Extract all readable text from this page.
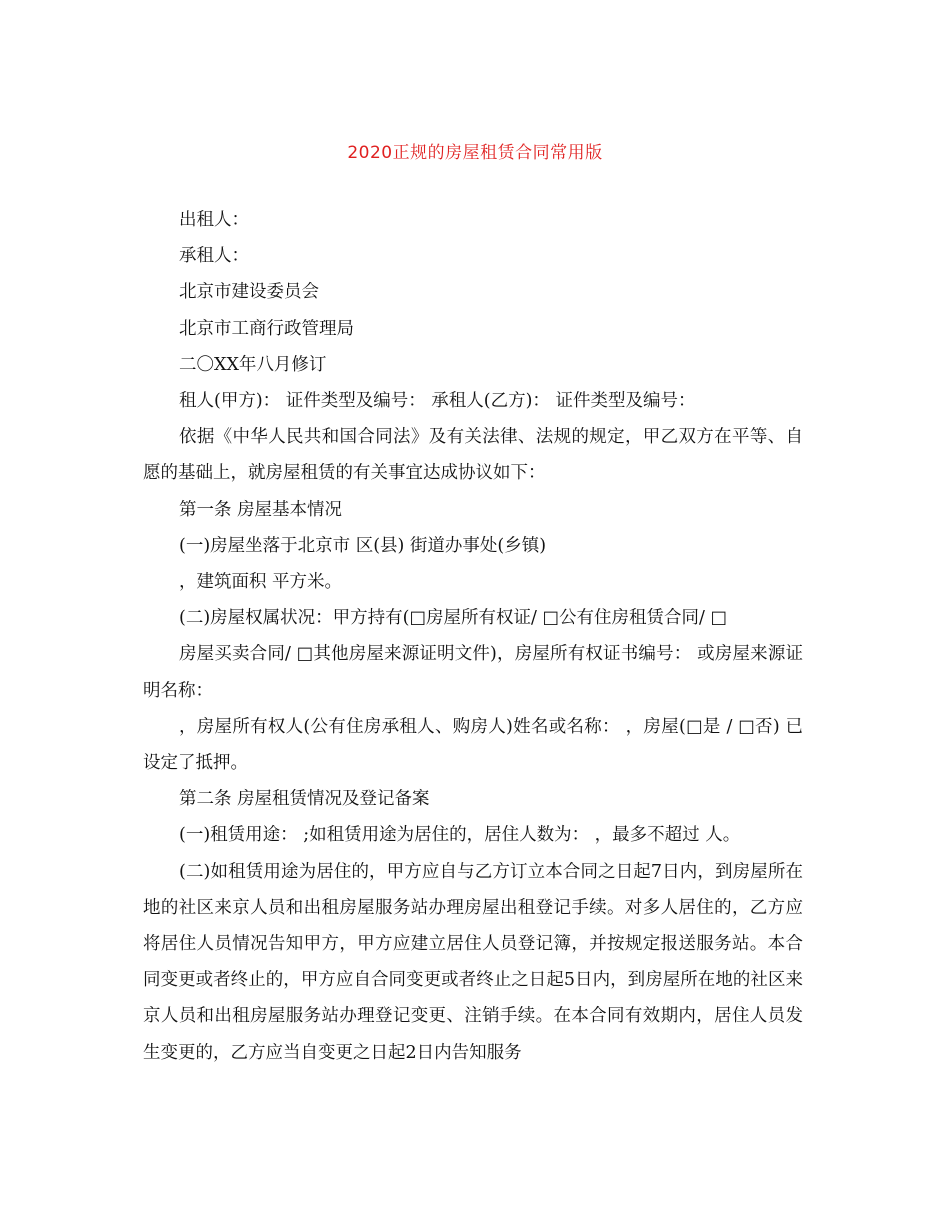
2020正规的房屋租赁合同常用版

出租人：

承租人：

北京市建设委员会

北京市工商行政管理局

二〇XX年八月修订

租人(甲方)： 证件类型及编号： 承租人(乙方)： 证件类型及编号：

依据《中华人民共和国合同法》及有关法律、法规的规定，甲乙双方在平等、自愿的基础上，就房屋租赁的有关事宜达成协议如下：

第一条 房屋基本情况

(一)房屋坐落于北京市 区(县) 街道办事处(乡镇)

，建筑面积 平方米。

(二)房屋权属状况：甲方持有(□房屋所有权证/ □公有住房租赁合同/ □

房屋买卖合同/ □其他房屋来源证明文件)，房屋所有权证书编号： 或房屋来源证明名称：

，房屋所有权人(公有住房承租人、购房人)姓名或名称： ，房屋(□是 / □否) 已设定了抵押。

第二条 房屋租赁情况及登记备案

(一)租赁用途： ;如租赁用途为居住的，居住人数为： ，最多不超过 人。

(二)如租赁用途为居住的，甲方应自与乙方订立本合同之日起7日内，到房屋所在地的社区来京人员和出租房屋服务站办理房屋出租登记手续。对多人居住的，乙方应将居住人员情况告知甲方，甲方应建立居住人员登记簿，并按规定报送服务站。本合同变更或者终止的，甲方应自合同变更或者终止之日起5日内，到房屋所在地的社区来京人员和出租房屋服务站办理登记变更、注销手续。在本合同有效期内，居住人员发生变更的，乙方应当自变更之日起2日内告知服务
